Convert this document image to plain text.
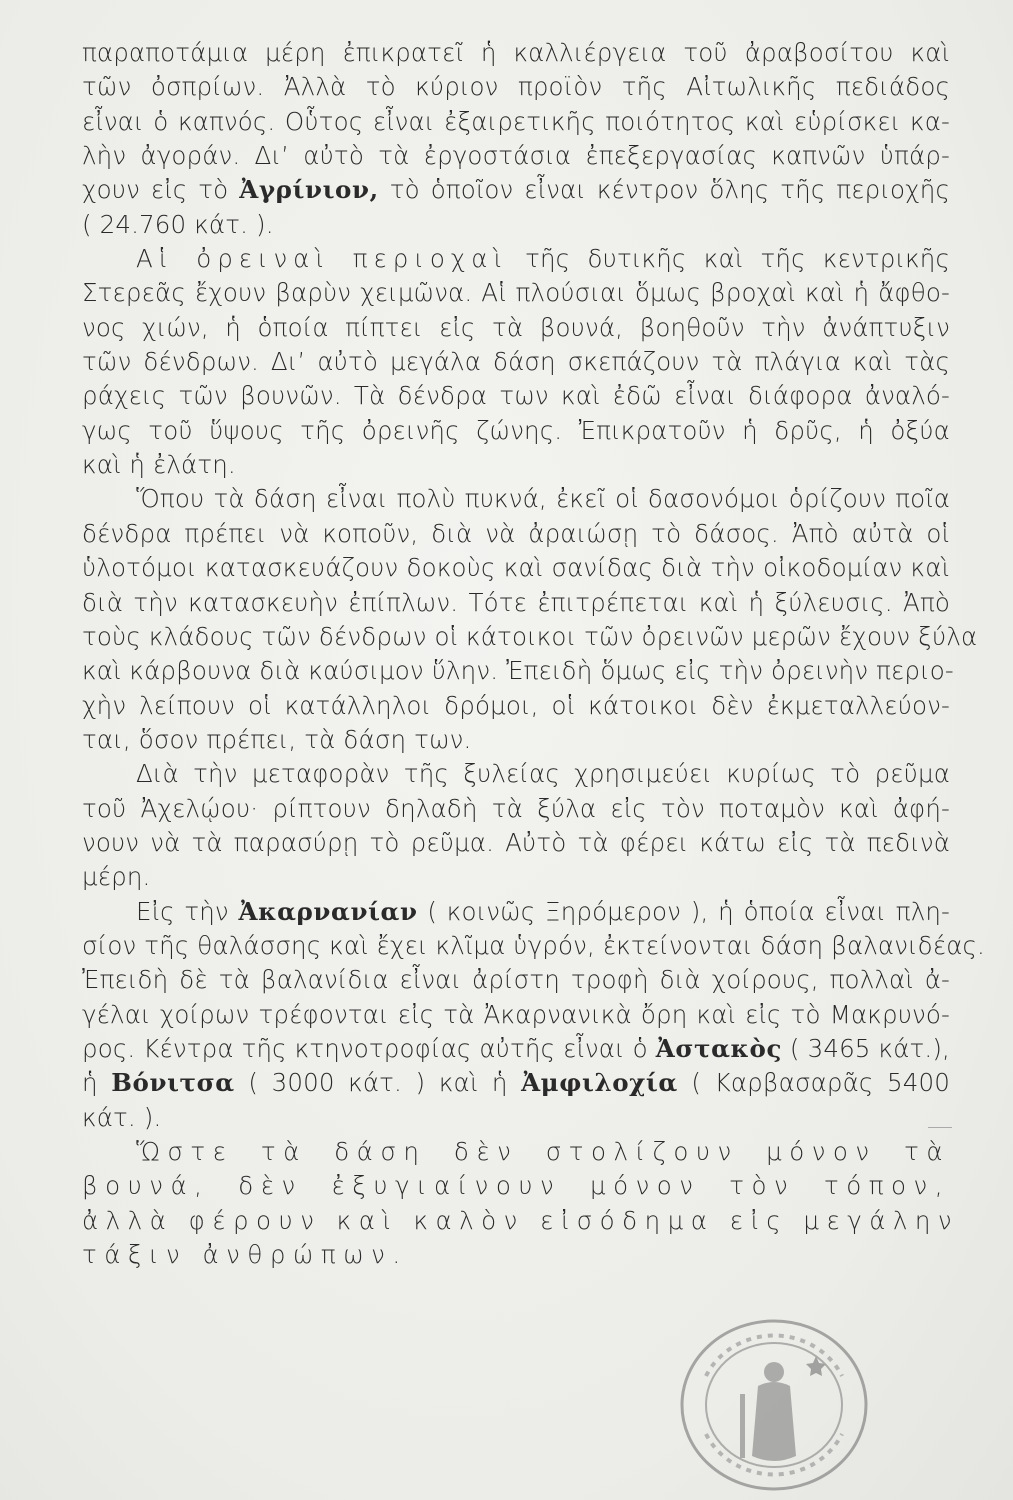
παραποτάμια μέρη ἐπικρατεῖ ἡ καλλιέργεια τοῦ ἀραβοσίτου καὶ
τῶν ὀσπρίων. Ἀλλὰ τὸ κύριον προϊὸν τῆς Αἰτωλικῆς πεδιάδος
εἶναι ὁ καπνός. Οὗτος εἶναι ἐξαιρετικῆς ποιότητος καὶ εὑρίσκει κα-
λὴν ἀγοράν. Δι’ αὐτὸ τὰ ἐργοστάσια ἐπεξεργασίας καπνῶν ὑπάρ-
χουν εἰς τὸ Ἀγρίνιον, τὸ ὁποῖον εἶναι κέντρον ὅλης τῆς περιοχῆς
( 24.760 κάτ. ).
Αἱ ὀρειναὶ περιοχαὶ τῆς δυτικῆς καὶ τῆς κεντρικῆς
Στερεᾶς ἔχουν βαρὺν χειμῶνα. Αἱ πλούσιαι ὅμως βροχαὶ καὶ ἡ ἄφθο-
νος χιών, ἡ ὁποία πίπτει εἰς τὰ βουνά, βοηθοῦν τὴν ἀνάπτυξιν
τῶν δένδρων. Δι’ αὐτὸ μεγάλα δάση σκεπάζουν τὰ πλάγια καὶ τὰς
ράχεις τῶν βουνῶν. Τὰ δένδρα των καὶ ἐδῶ εἶναι διάφορα ἀναλό-
γως τοῦ ὕψους τῆς ὀρεινῆς ζώνης. Ἐπικρατοῦν ἡ δρῦς, ἡ ὀξύα
καὶ ἡ ἐλάτη.
Ὅπου τὰ δάση εἶναι πολὺ πυκνά, ἐκεῖ οἱ δασονόμοι ὁρίζουν ποῖα
δένδρα πρέπει νὰ κοποῦν, διὰ νὰ ἀραιώσῃ τὸ δάσος. Ἀπὸ αὐτὰ οἱ
ὑλοτόμοι κατασκευάζουν δοκοὺς καὶ σανίδας διὰ τὴν οἰκοδομίαν καὶ
διὰ τὴν κατασκευὴν ἐπίπλων. Τότε ἐπιτρέπεται καὶ ἡ ξύλευσις. Ἀπὸ
τοὺς κλάδους τῶν δένδρων οἱ κάτοικοι τῶν ὀρεινῶν μερῶν ἔχουν ξύλα
καὶ κάρβουνα διὰ καύσιμον ὕλην. Ἐπειδὴ ὅμως εἰς τὴν ὀρεινὴν περιο-
χὴν λείπουν οἱ κατάλληλοι δρόμοι, οἱ κάτοικοι δὲν ἐκμεταλλεύον-
ται, ὅσον πρέπει, τὰ δάση των.
Διὰ τὴν μεταφορὰν τῆς ξυλείας χρησιμεύει κυρίως τὸ ρεῦμα
τοῦ Ἀχελῴου· ρίπτουν δηλαδὴ τὰ ξύλα εἰς τὸν ποταμὸν καὶ ἀφή-
νουν νὰ τὰ παρασύρῃ τὸ ρεῦμα. Αὐτὸ τὰ φέρει κάτω εἰς τὰ πεδινὰ
μέρη.
Εἰς τὴν Ἀκαρνανίαν ( κοινῶς Ξηρόμερον ), ἡ ὁποία εἶναι πλη-
σίον τῆς θαλάσσης καὶ ἔχει κλῖμα ὑγρόν, ἐκτείνονται δάση βαλανιδέας.
Ἐπειδὴ δὲ τὰ βαλανίδια εἶναι ἀρίστη τροφὴ διὰ χοίρους, πολλαὶ ἀ-
γέλαι χοίρων τρέφονται εἰς τὰ Ἀκαρνανικὰ ὄρη καὶ εἰς τὸ Μακρυνό-
ρος. Κέντρα τῆς κτηνοτροφίας αὐτῆς εἶναι ὁ Ἀστακὸς ( 3465 κάτ.),
ἡ Βόνιτσα ( 3000 κάτ. ) καὶ ἡ Ἀμφιλοχία ( Καρβασαρᾶς 5400
κάτ. ).
Ὥστε τὰ δάση δὲν στολίζουν μόνον τὰ
βουνά, δὲν ἐξυγιαίνουν μόνον τὸν τόπον,
ἀλλὰ φέρουν καὶ καλὸν εἰσόδημα εἰς μεγάλην
τάξιν ἀνθρώπων.
